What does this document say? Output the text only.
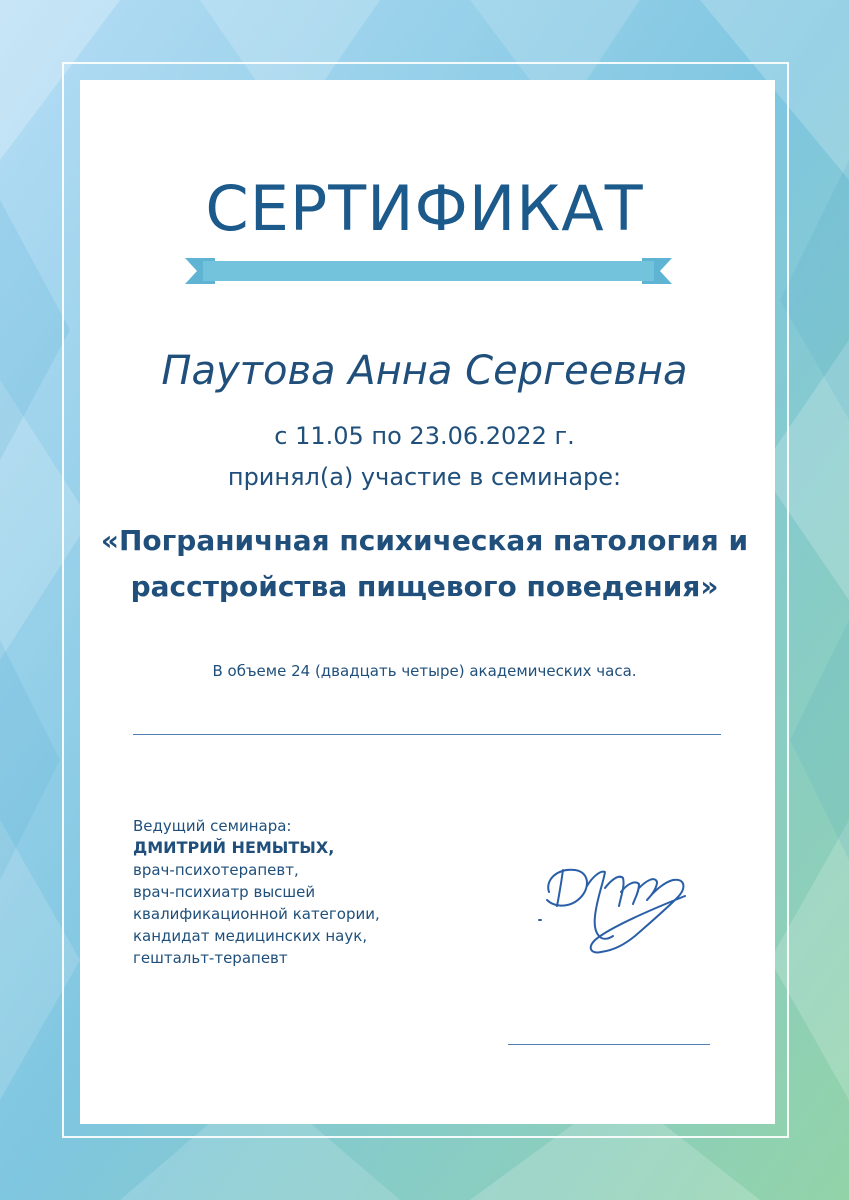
СЕРТИФИКАТ
Паутова Анна Сергеевна
с 11.05 по 23.06.2022 г.
принял(а) участие в семинаре:
«Пограничная психическая патология и
расстройства пищевого поведения»
В объеме 24 (двадцать четыре) академических часа.
Ведущий семинара:
ДМИТРИЙ НЕМЫТЫХ,
врач-психотерапевт,
врач-психиатр высшей
квалификационной категории,
кандидат медицинских наук,
гештальт-терапевт
